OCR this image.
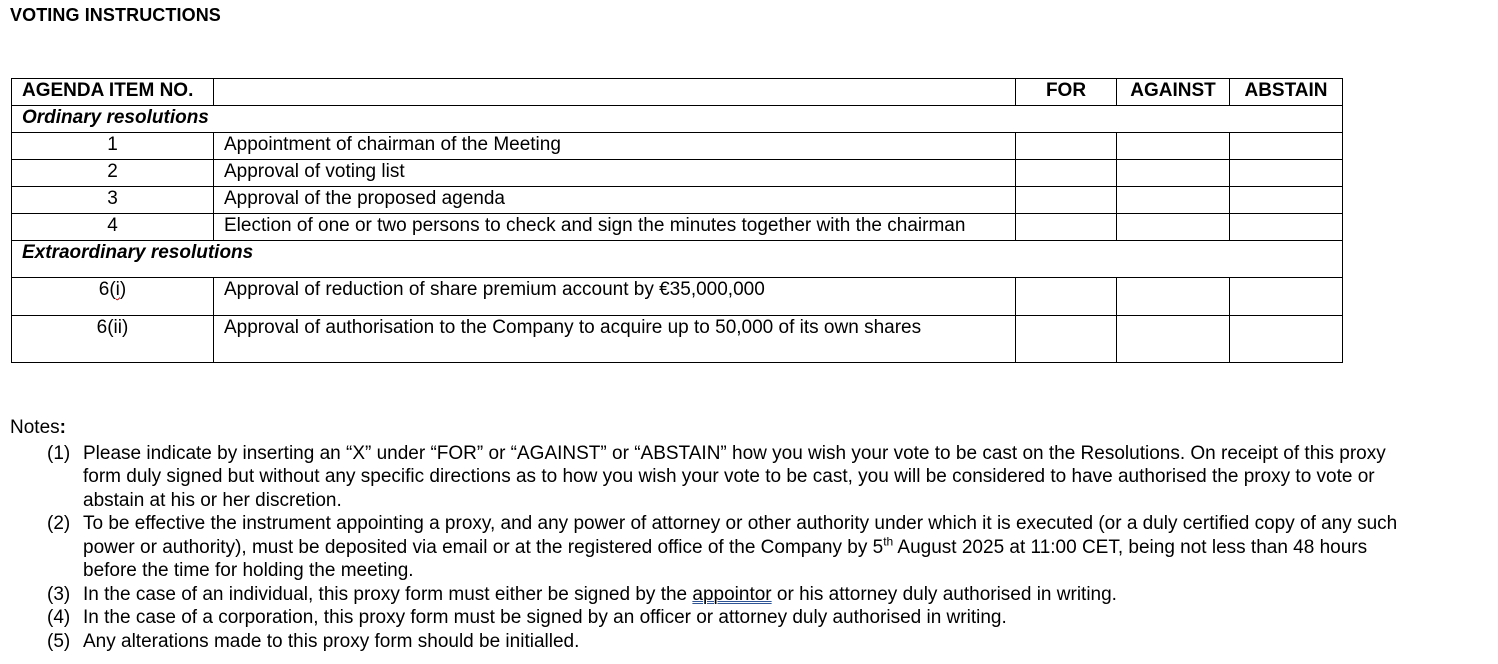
VOTING INSTRUCTIONS
AGENDA ITEM NO.		FOR	AGAINST	ABSTAIN
Ordinary resolutions				
1	Appointment of chairman of the Meeting			
2	Approval of voting list			
3	Approval of the proposed agenda			
4	Election of one or two persons to check and sign the minutes together with the chairman			
Extraordinary resolutions				
6(i)	Approval of reduction of share premium account by €35,000,000			
6(ii)	Approval of authorisation to the Company to acquire up to 50,000 of its own shares			
Notes:
(1) Please indicate by inserting an “X” under “FOR” or “AGAINST” or “ABSTAIN” how you wish your vote to be cast on the Resolutions. On receipt of this proxy form duly signed but without any specific directions as to how you wish your vote to be cast, you will be considered to have authorised the proxy to vote or abstain at his or her discretion.
(2) To be effective the instrument appointing a proxy, and any power of attorney or other authority under which it is executed (or a duly certified copy of any such power or authority), must be deposited via email or at the registered office of the Company by 5th August 2025 at 11:00 CET, being not less than 48 hours before the time for holding the meeting.
(3) In the case of an individual, this proxy form must either be signed by the appointor or his attorney duly authorised in writing.
(4) In the case of a corporation, this proxy form must be signed by an officer or attorney duly authorised in writing.
(5) Any alterations made to this proxy form should be initialled.
